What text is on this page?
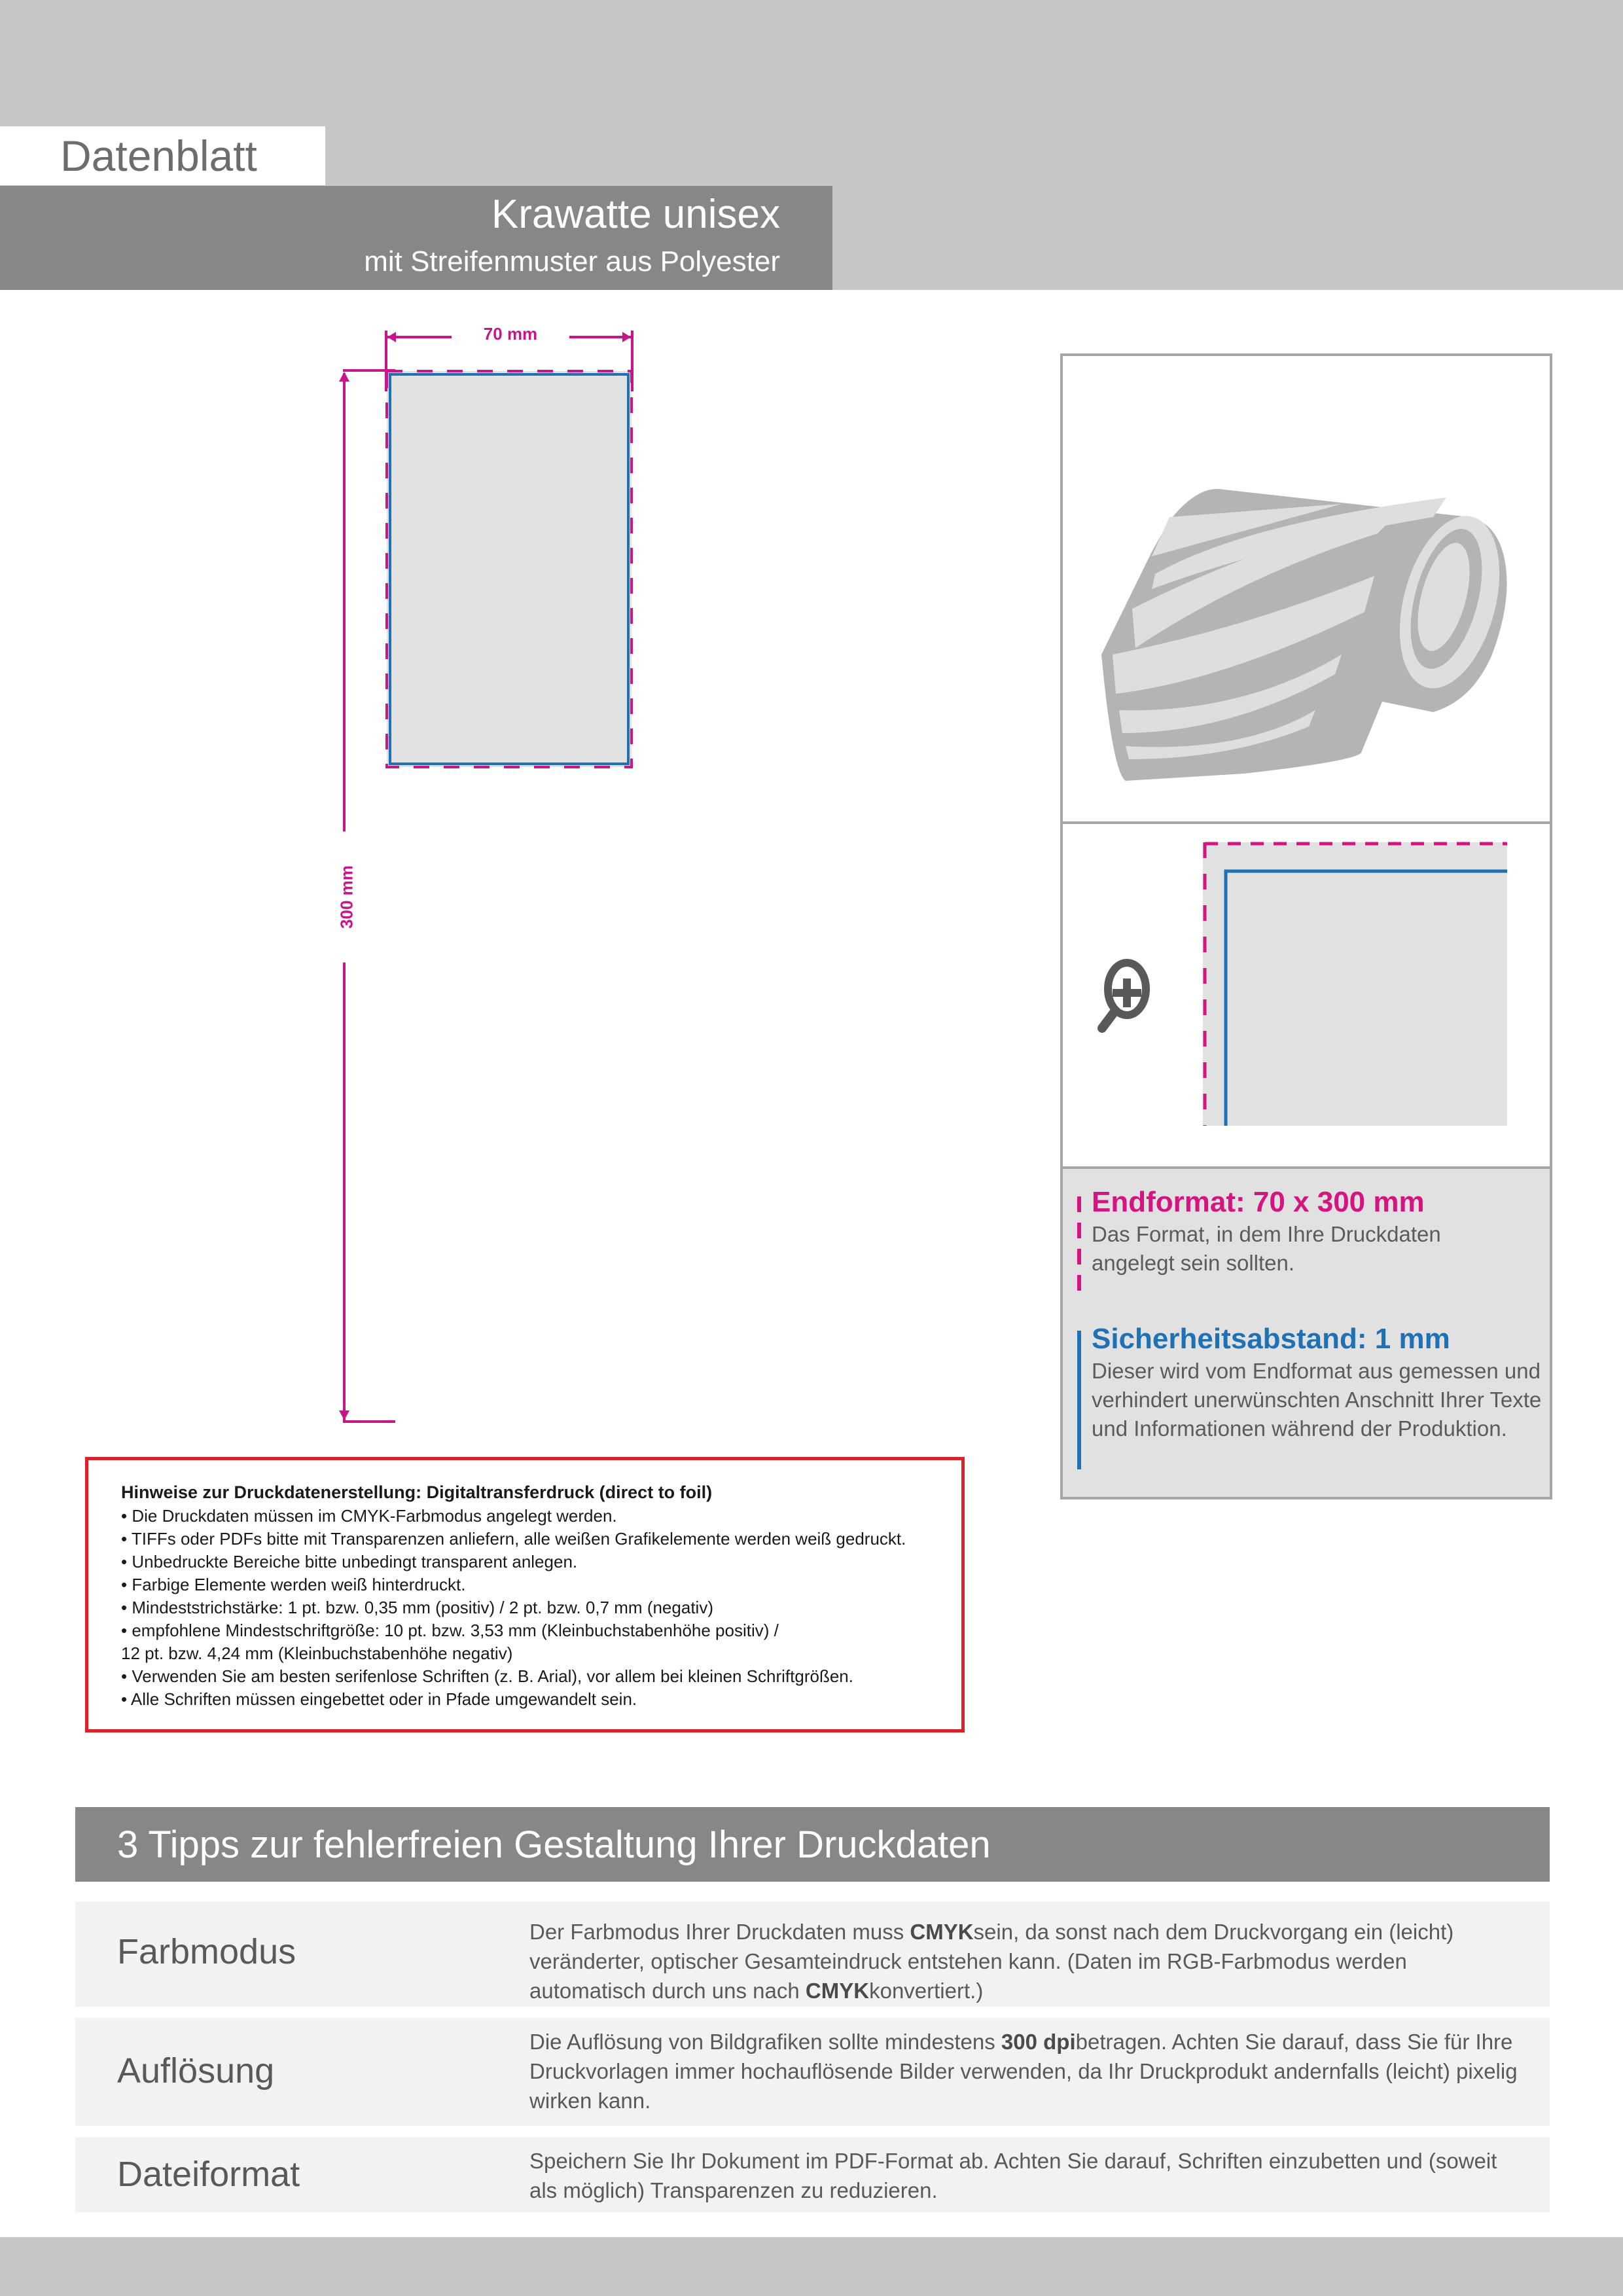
Datenblatt
Krawatte unisex
mit Streifenmuster aus Polyester
70 mm
300 mm
Hinweise zur Druckdatenerstellung: Digitaltransferdruck (direct to foil)
• Die Druckdaten müssen im CMYK-Farbmodus angelegt werden.
• TIFFs oder PDFs bitte mit Transparenzen anliefern, alle weißen Grafikelemente werden weiß gedruckt.
• Unbedruckte Bereiche bitte unbedingt transparent anlegen.
• Farbige Elemente werden weiß hinterdruckt.
• Mindeststrichstärke: 1 pt. bzw. 0,35 mm (positiv) / 2 pt. bzw. 0,7 mm (negativ)
• empfohlene Mindestschriftgröße: 10 pt. bzw. 3,53 mm (Kleinbuchstabenhöhe positiv) /
12 pt. bzw. 4,24 mm (Kleinbuchstabenhöhe negativ)
• Verwenden Sie am besten serifenlose Schriften (z. B. Arial), vor allem bei kleinen Schriftgrößen.
• Alle Schriften müssen eingebettet oder in Pfade umgewandelt sein.
Endformat: 70 x 300 mm
Das Format, in dem Ihre Druckdaten angelegt sein sollten.
Sicherheitsabstand: 1 mm
Dieser wird vom Endformat aus gemessen und verhindert unerwünschten Anschnitt Ihrer Texte und Informationen während der Produktion.
3 Tipps zur fehlerfreien Gestaltung Ihrer Druckdaten
Farbmodus
Der Farbmodus Ihrer Druckdaten muss CMYKsein, da sonst nach dem Druckvorgang ein (leicht) veränderter, optischer Gesamteindruck entstehen kann. (Daten im RGB-Farbmodus werden automatisch durch uns nach CMYKkonvertiert.)
Auflösung
Die Auflösung von Bildgrafiken sollte mindestens 300 dpibetragen. Achten Sie darauf, dass Sie für Ihre Druckvorlagen immer hochauflösende Bilder verwenden, da Ihr Druckprodukt andernfalls (leicht) pixelig wirken kann.
Dateiformat	Speichern Sie Ihr Dokument im PDF-Format ab. Achten Sie darauf, Schriften einzubetten und (soweit als möglich) Transparenzen zu reduzieren.
